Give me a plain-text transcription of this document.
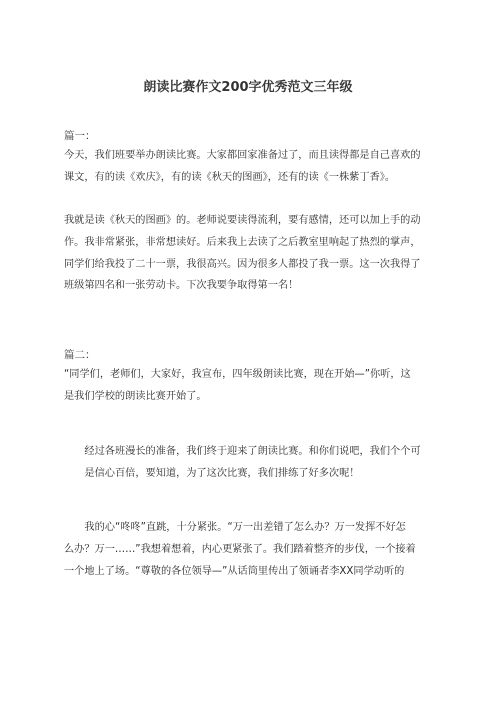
朗读比赛作文200字优秀范文三年级
篇一：

今天，我们班要举办朗读比赛。大家都回家准备过了，而且读得都是自己喜欢的
课文，有的读《欢庆》，有的读《秋天的图画》，还有的读《一株紫丁香》。

我就是读《秋天的图画》的。老师说要读得流利，要有感情，还可以加上手的动
作。我非常紧张，非常想读好。后来我上去读了之后教室里响起了热烈的掌声，
同学们给我投了二十一票，我很高兴。因为很多人都投了我一票。这一次我得了
班级第四名和一张劳动卡。下次我要争取得第一名！

篇二：

“同学们，老师们，大家好，我宣布，四年级朗读比赛，现在开始—”你听，这
是我们学校的朗读比赛开始了。

经过各班漫长的准备，我们终于迎来了朗读比赛。和你们说吧，我们个个可
是信心百倍，要知道，为了这次比赛，我们排练了好多次呢！

我的心“咚咚”直跳，十分紧张。“万一出差错了怎么办？万一发挥不好怎
么办？万一……”我想着想着，内心更紧张了。我们踏着整齐的步伐，一个接着
一个地上了场。“尊敬的各位领导—”从话筒里传出了领诵者李XX同学动听的
